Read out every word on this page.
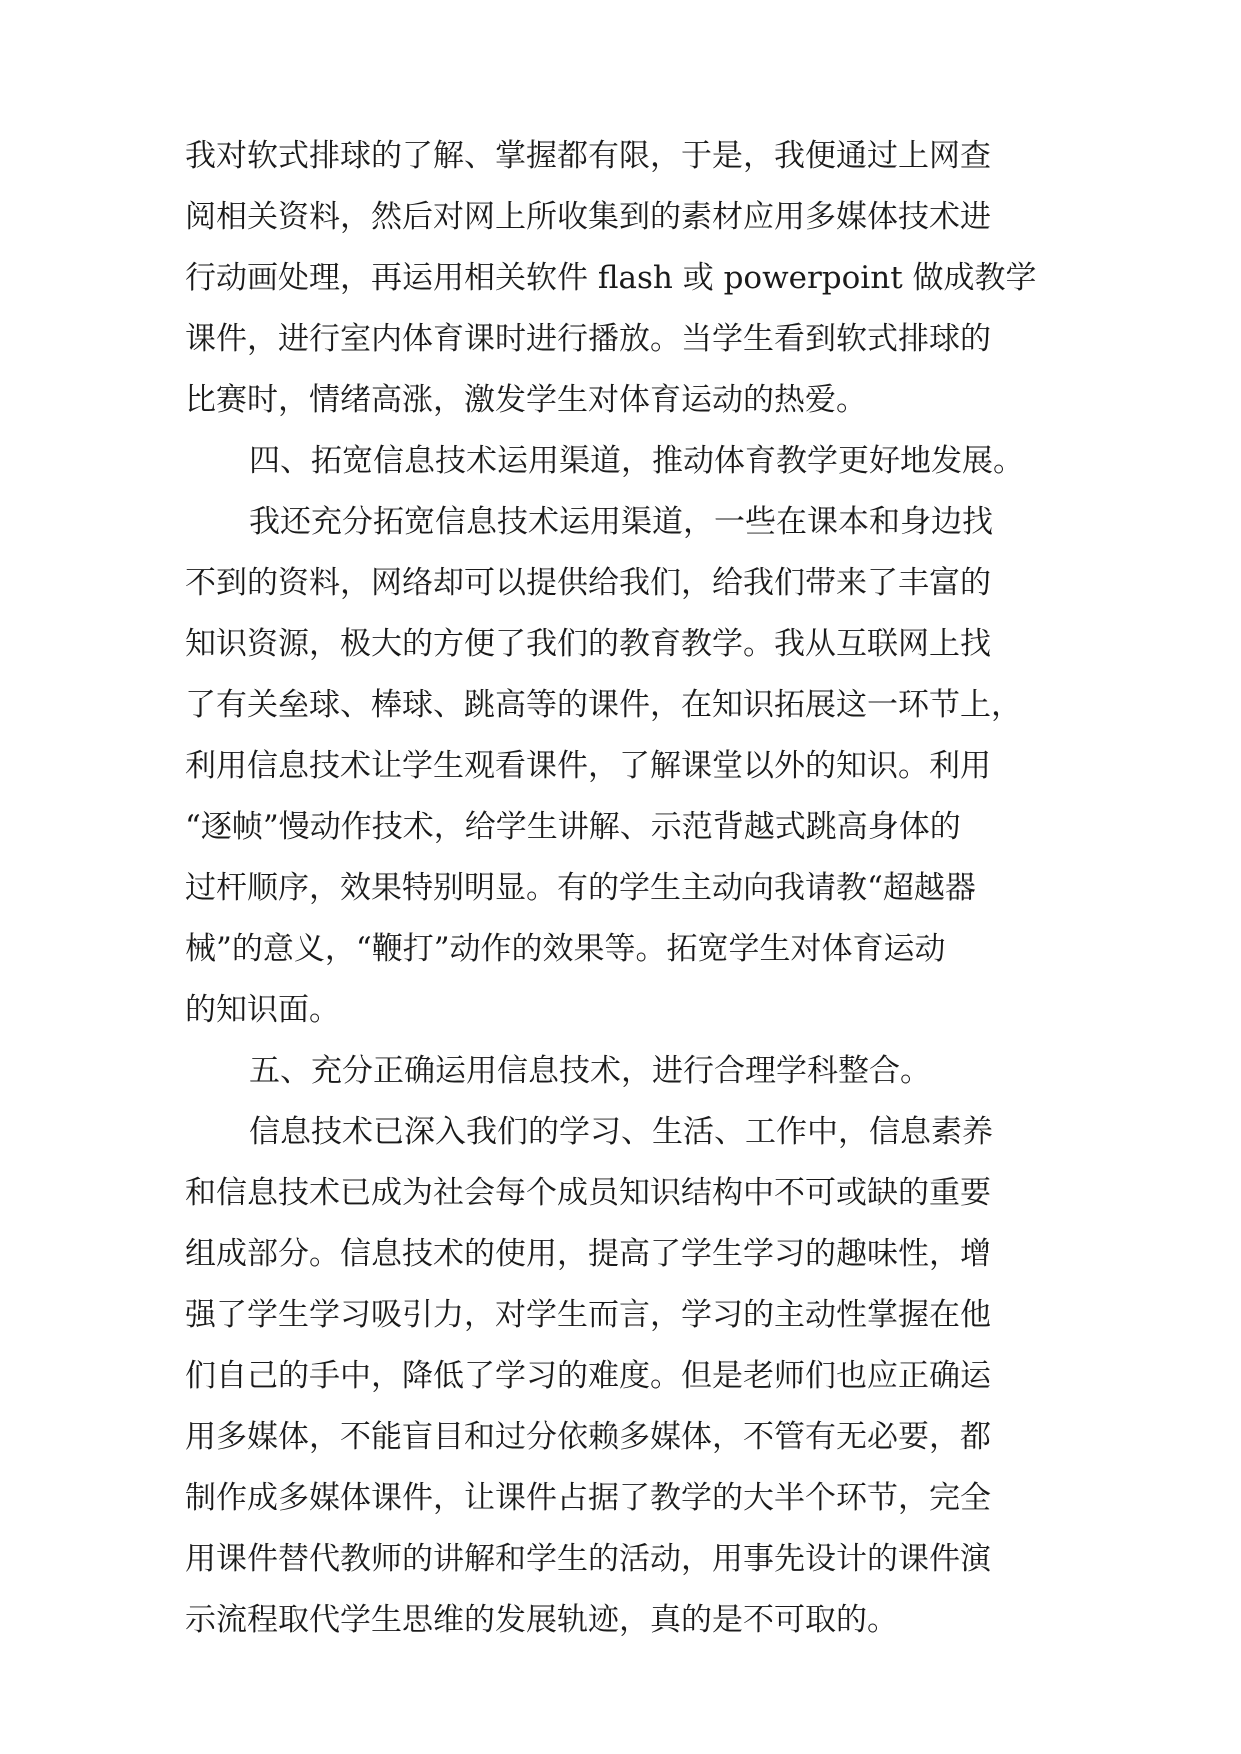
我对软式排球的了解、掌握都有限，于是，我便通过上网查

阅相关资料，然后对网上所收集到的素材应用多媒体技术进

行动画处理，再运用相关软件 flash 或 powerpoint 做成教学

课件，进行室内体育课时进行播放。当学生看到软式排球的

比赛时，情绪高涨，激发学生对体育运动的热爱。

四、拓宽信息技术运用渠道，推动体育教学更好地发展。

我还充分拓宽信息技术运用渠道，一些在课本和身边找

不到的资料，网络却可以提供给我们，给我们带来了丰富的

知识资源，极大的方便了我们的教育教学。我从互联网上找

了有关垒球、棒球、跳高等的课件，在知识拓展这一环节上，

利用信息技术让学生观看课件，了解课堂以外的知识。利用

“逐帧”慢动作技术，给学生讲解、示范背越式跳高身体的

过杆顺序，效果特别明显。有的学生主动向我请教“超越器

械”的意义，“鞭打”动作的效果等。拓宽学生对体育运动

的知识面。

五、充分正确运用信息技术，进行合理学科整合。

信息技术已深入我们的学习、生活、工作中，信息素养

和信息技术已成为社会每个成员知识结构中不可或缺的重要

组成部分。信息技术的使用，提高了学生学习的趣味性，增

强了学生学习吸引力，对学生而言，学习的主动性掌握在他

们自己的手中，降低了学习的难度。但是老师们也应正确运

用多媒体，不能盲目和过分依赖多媒体，不管有无必要，都

制作成多媒体课件，让课件占据了教学的大半个环节，完全

用课件替代教师的讲解和学生的活动，用事先设计的课件演

示流程取代学生思维的发展轨迹，真的是不可取的。
